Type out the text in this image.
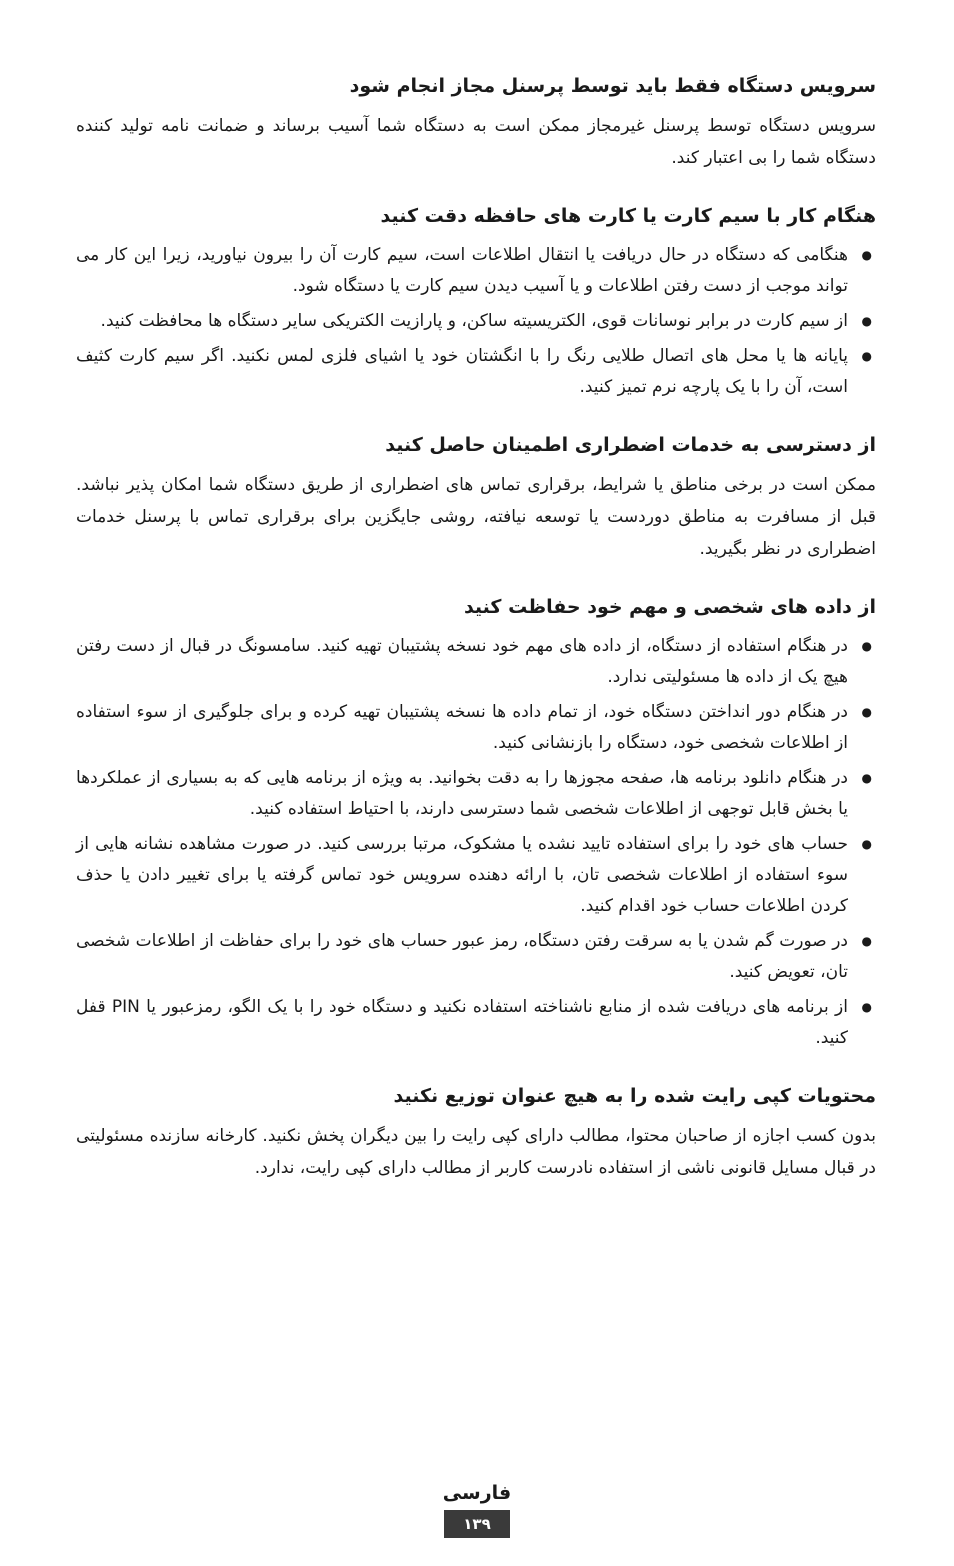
سرویس دستگاه فقط باید توسط پرسنل مجاز انجام شود

سرویس دستگاه توسط پرسنل غیرمجاز ممکن است به دستگاه شما آسیب برساند و ضمانت نامه تولید کننده دستگاه شما را بی اعتبار کند.

هنگام کار با سیم کارت یا کارت های حافظه دقت کنید
●
هنگامی که دستگاه در حال دریافت یا انتقال اطلاعات است، سیم کارت آن را بیرون نیاورید، زیرا این کار می تواند موجب از دست رفتن اطلاعات و یا آسیب دیدن سیم کارت یا دستگاه شود.
●
از سیم کارت در برابر نوسانات قوی، الکتریسیته ساکن، و پارازیت الکتریکی سایر دستگاه ها محافظت کنید.
●
پایانه ها یا محل های اتصال طلایی رنگ را با انگشتان خود یا اشیای فلزی لمس نکنید. اگر سیم کارت کثیف است، آن را با یک پارچه نرم تمیز کنید.
از دسترسی به خدمات اضطراری اطمینان حاصل کنید

ممکن است در برخی مناطق یا شرایط، برقراری تماس های اضطراری از طریق دستگاه شما امکان پذیر نباشد. قبل از مسافرت به مناطق دوردست یا توسعه نیافته، روشی جایگزین برای برقراری تماس با پرسنل خدمات اضطراری در نظر بگیرید.

از داده های شخصی و مهم خود حفاظت کنید
●
در هنگام استفاده از دستگاه، از داده های مهم خود نسخه پشتیبان تهیه کنید. سامسونگ در قبال از دست رفتن هیچ یک از داده ها مسئولیتی ندارد.
●
در هنگام دور انداختن دستگاه خود، از تمام داده ها نسخه پشتیبان تهیه کرده و برای جلوگیری از سوء استفاده از اطلاعات شخصی خود، دستگاه را بازنشانی کنید.
●
در هنگام دانلود برنامه ها، صفحه مجوزها را به دقت بخوانید. به ویژه از برنامه هایی که به بسیاری از عملکردها یا بخش قابل توجهی از اطلاعات شخصی شما دسترسی دارند، با احتیاط استفاده کنید.
●
حساب های خود را برای استفاده تایید نشده یا مشکوک، مرتبا بررسی کنید. در صورت مشاهده نشانه هایی از سوء استفاده از اطلاعات شخصی تان، با ارائه دهنده سرویس خود تماس گرفته یا برای تغییر دادن یا حذف کردن اطلاعات حساب خود اقدام کنید.
●
در صورت گم شدن یا به سرقت رفتن دستگاه، رمز عبور حساب های خود را برای حفاظت از اطلاعات شخصی تان، تعویض کنید.
●
از برنامه های دریافت شده از منابع ناشناخته استفاده نکنید و دستگاه خود را با یک الگو، رمزعبور یا PIN قفل کنید.
محتویات کپی رایت شده را به هیچ عنوان توزیع نکنید

بدون کسب اجازه از صاحبان محتوا، مطالب دارای کپی رایت را بین دیگران پخش نکنید. کارخانه سازنده مسئولیتی در قبال مسایل قانونی ناشی از استفاده نادرست کاربر از مطالب دارای کپی رایت، ندارد.

فارسی
١٣٩
